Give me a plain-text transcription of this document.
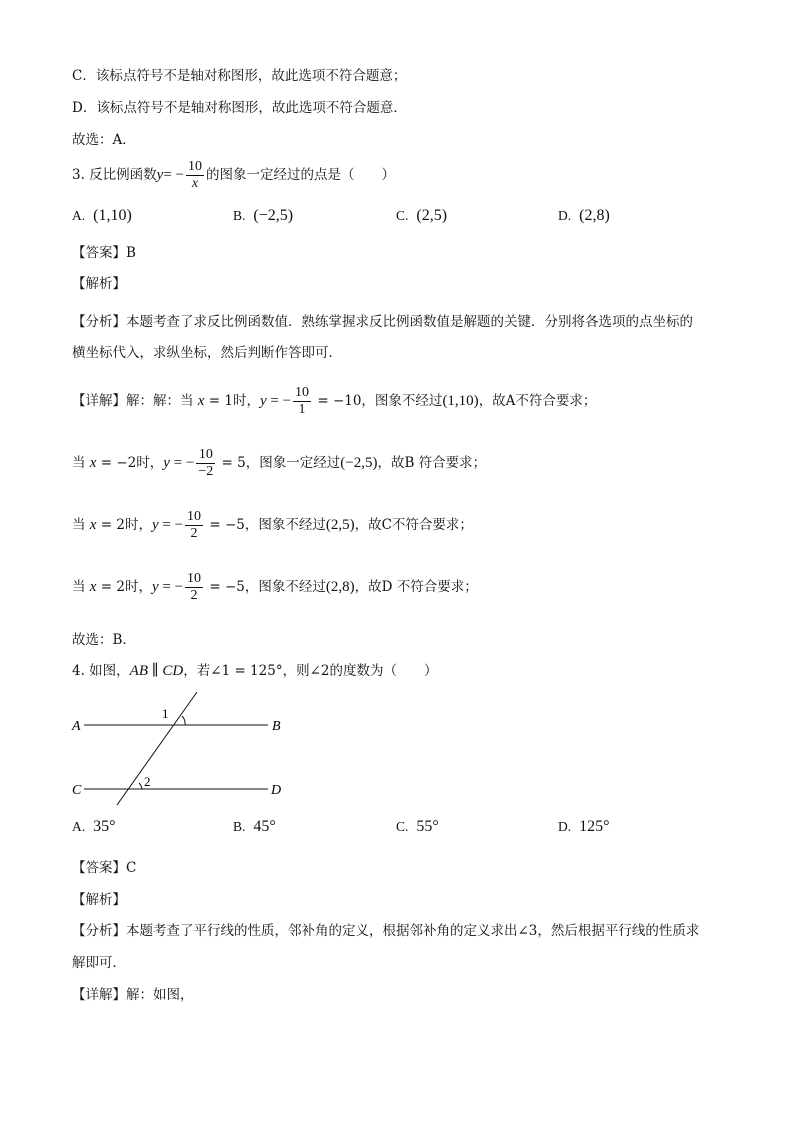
C．该标点符号不是轴对称图形，故此选项不符合题意；
D．该标点符号不是轴对称图形，故此选项不符合题意．
故选：A．
3. 反比例函数$y= - \frac{10}{x}$ 的图象一定经过的点是（　　）
A. (1,10)	B. (−2,5)	C. (2,5)	D. (2,8)
【答案】B
【解析】
【分析】本题考查了求反比例函数值．熟练掌握求反比例函数值是解题的关键．分别将各选项的点坐标的
横坐标代入，求纵坐标，然后判断作答即可．
【详解】解：解：当 x = 1时，y = − $\frac{10}{1} = -10$，图象不经过(1,10)，故A不符合要求；
当 x = −2时，y = − $\frac{10}{-2} = 5$，图象一定经过(−2,5)，故B 符合要求；
当 x = 2时，y = − $\frac{10}{2} = -5$，图象不经过(2,5)，故C不符合要求；
当 x = 2时，y = − $\frac{10}{2} = -5$，图象不经过(2,8)，故D 不符合要求；
故选：B．
4. 如图，AB ∥ CD，若∠1 = 125°，则∠2的度数为（　　）
A	B
C	D
1
2
A. 35°	B. 45°	C. 55°	D. 125°
【答案】C
【解析】
【分析】本题考查了平行线的性质，邻补角的定义，根据邻补角的定义求出∠3，然后根据平行线的性质求
解即可．
【详解】解：如图，
